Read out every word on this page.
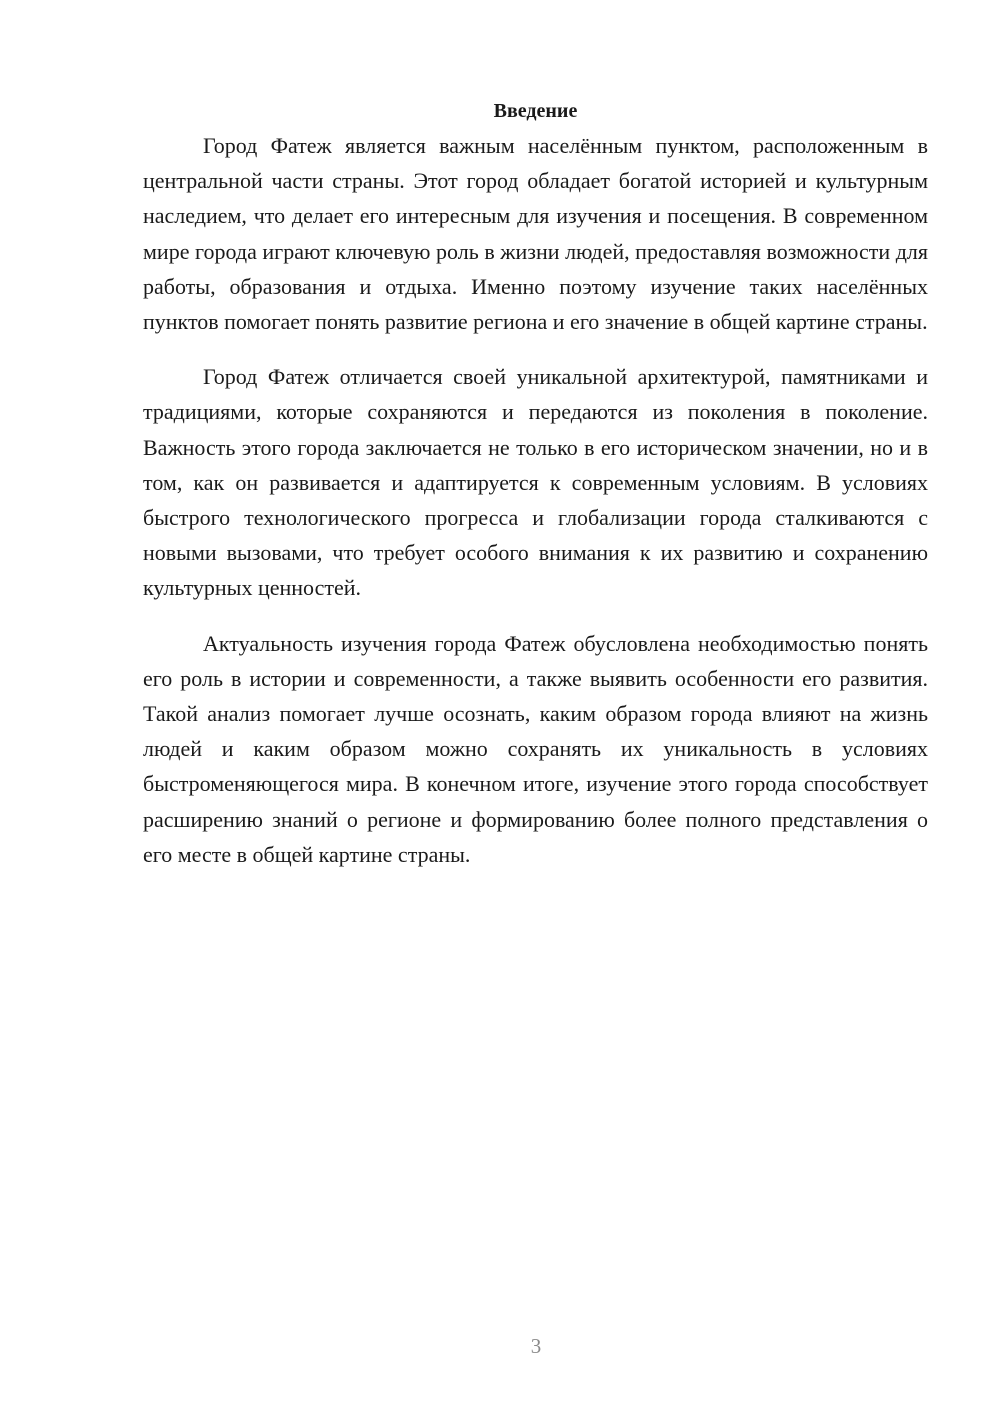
Введение

Город Фатеж является важным населённым пунктом, расположенным в центральной части страны. Этот город обладает богатой историей и культурным наследием, что делает его интересным для изучения и посещения. В современном мире города играют ключевую роль в жизни людей, предоставляя возможности для работы, образования и отдыха. Именно поэтому изучение таких населённых пунктов помогает понять развитие региона и его значение в общей картине страны.

Город Фатеж отличается своей уникальной архитектурой, памятниками и традициями, которые сохраняются и передаются из поколения в поколение. Важность этого города заключается не только в его историческом значении, но и в том, как он развивается и адаптируется к современным условиям. В условиях быстрого технологического прогресса и глобализации города сталкиваются с новыми вызовами, что требует особого внимания к их развитию и сохранению культурных ценностей.

Актуальность изучения города Фатеж обусловлена необходимостью понять его роль в истории и современности, а также выявить особенности его развития. Такой анализ помогает лучше осознать, каким образом города влияют на жизнь людей и каким образом можно сохранять их уникальность в условиях быстроменяющегося мира. В конечном итоге, изучение этого города способствует расширению знаний о регионе и формированию более полного представления о его месте в общей картине страны.

3
